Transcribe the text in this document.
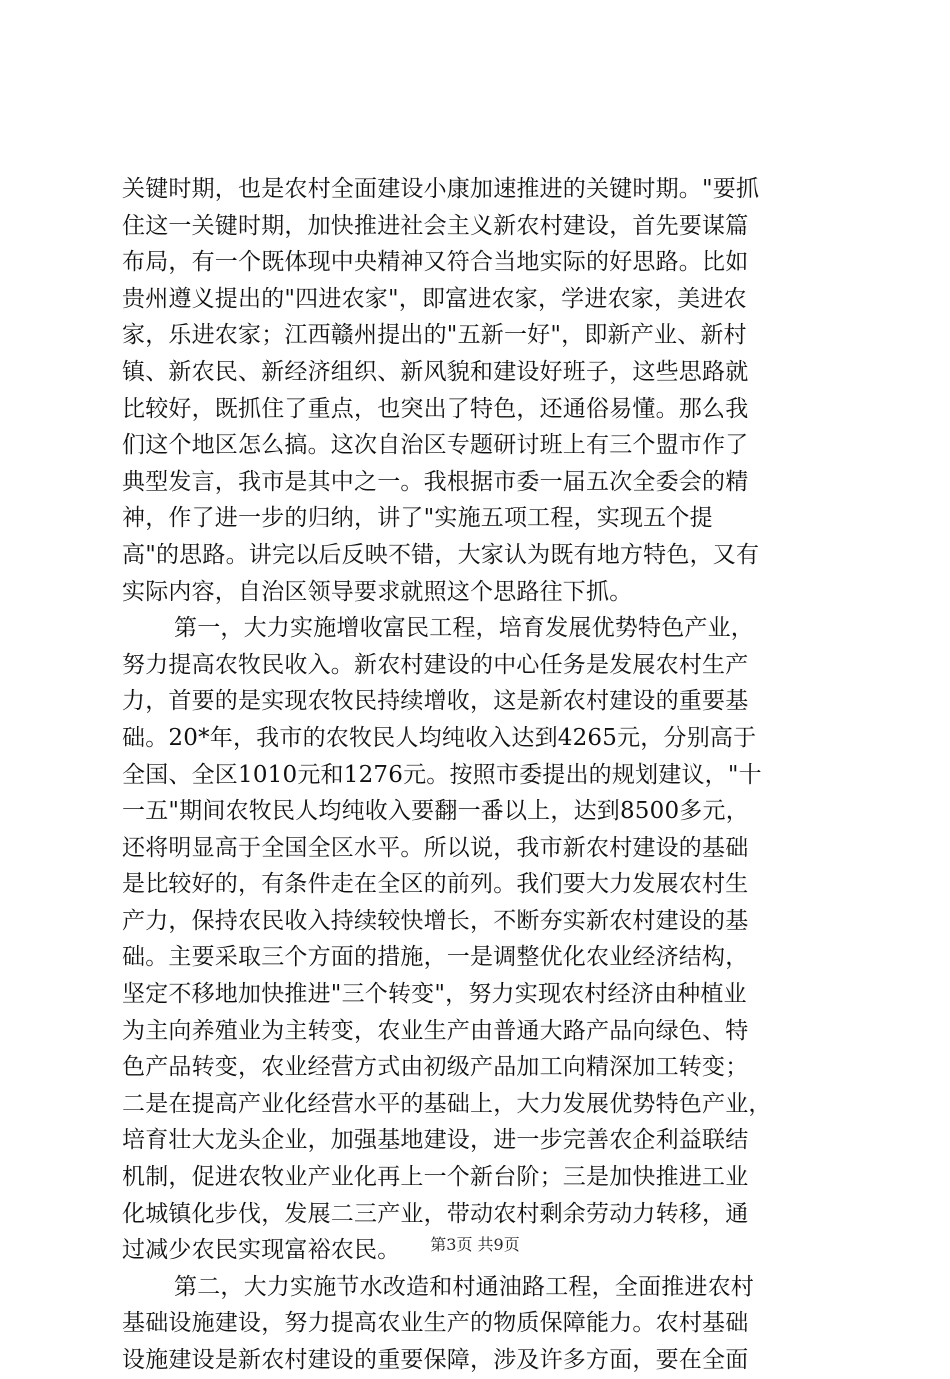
关键时期，也是农村全面建设小康加速推进的关键时期。"要抓
住这一关键时期，加快推进社会主义新农村建设，首先要谋篇
布局，有一个既体现中央精神又符合当地实际的好思路。比如
贵州遵义提出的"四进农家"，即富进农家，学进农家，美进农
家，乐进农家；江西赣州提出的"五新一好"，即新产业、新村
镇、新农民、新经济组织、新风貌和建设好班子，这些思路就
比较好，既抓住了重点，也突出了特色，还通俗易懂。那么我
们这个地区怎么搞。这次自治区专题研讨班上有三个盟市作了
典型发言，我市是其中之一。我根据市委一届五次全委会的精
神，作了进一步的归纳，讲了"实施五项工程，实现五个提
高"的思路。讲完以后反映不错，大家认为既有地方特色，又有
实际内容，自治区领导要求就照这个思路往下抓。
第一，大力实施增收富民工程，培育发展优势特色产业，
努力提高农牧民收入。新农村建设的中心任务是发展农村生产
力，首要的是实现农牧民持续增收，这是新农村建设的重要基
础。20*年，我市的农牧民人均纯收入达到4265元，分别高于
全国、全区1010元和1276元。按照市委提出的规划建议，"十
一五"期间农牧民人均纯收入要翻一番以上，达到8500多元，
还将明显高于全国全区水平。所以说，我市新农村建设的基础
是比较好的，有条件走在全区的前列。我们要大力发展农村生
产力，保持农民收入持续较快增长，不断夯实新农村建设的基
础。主要采取三个方面的措施，一是调整优化农业经济结构，
坚定不移地加快推进"三个转变"，努力实现农村经济由种植业
为主向养殖业为主转变，农业生产由普通大路产品向绿色、特
色产品转变，农业经营方式由初级产品加工向精深加工转变；
二是在提高产业化经营水平的基础上，大力发展优势特色产业，
培育壮大龙头企业，加强基地建设，进一步完善农企利益联结
机制，促进农牧业产业化再上一个新台阶；三是加快推进工业
化城镇化步伐，发展二三产业，带动农村剩余劳动力转移，通
过减少农民实现富裕农民。
第二，大力实施节水改造和村通油路工程，全面推进农村
基础设施建设，努力提高农业生产的物质保障能力。农村基础
设施建设是新农村建设的重要保障，涉及许多方面，要在全面
第3页 共9页
